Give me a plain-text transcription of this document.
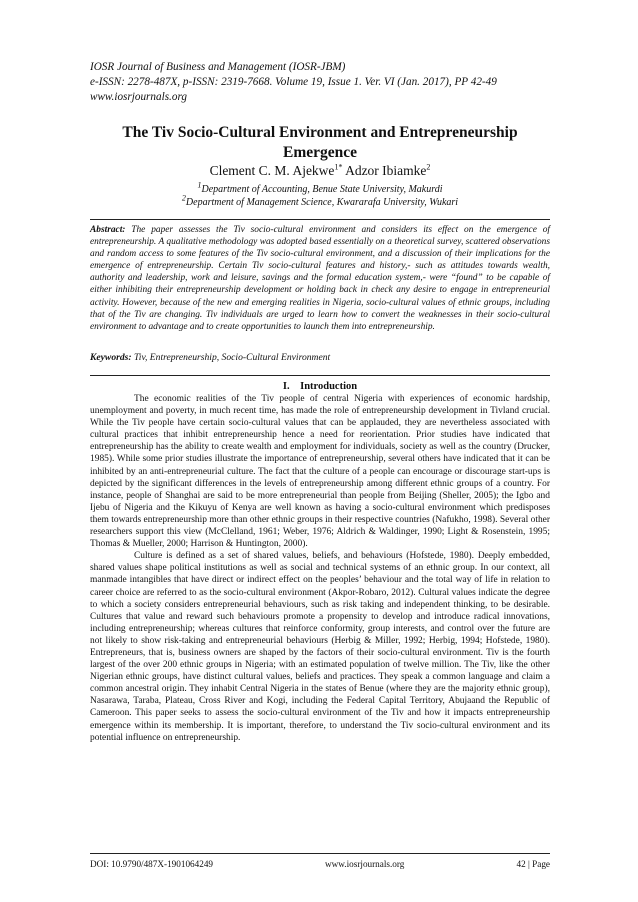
IOSR Journal of Business and Management (IOSR-JBM)
e-ISSN: 2278-487X, p-ISSN: 2319-7668. Volume 19, Issue 1. Ver. VI (Jan. 2017), PP 42-49
www.iosrjournals.org
The Tiv Socio-Cultural Environment and Entrepreneurship Emergence
Clement C. M. Ajekwe$^{1*}$ Adzor Ibiamke$^2$
$^1$Department of Accounting, Benue State University, Makurdi
$^2$Department of Management Science, Kwararafa University, Wukari
Abstract: The paper assesses the Tiv socio-cultural environment and considers its effect on the emergence of entrepreneurship. A qualitative methodology was adopted based essentially on a theoretical survey, scattered observations and random access to some features of the Tiv socio-cultural environment, and a discussion of their implications for the emergence of entrepreneurship. Certain Tiv socio-cultural features and history,- such as attitudes towards wealth, authority and leadership, work and leisure, savings and the formal education system,- were “found” to be capable of either inhibiting their entrepreneurship development or holding back in check any desire to engage in entrepreneurial activity. However, because of the new and emerging realities in Nigeria, socio-cultural values of ethnic groups, including that of the Tiv are changing. Tiv individuals are urged to learn how to convert the weaknesses in their socio-cultural environment to advantage and to create opportunities to launch them into entrepreneurship.
Keywords: Tiv, Entrepreneurship, Socio-Cultural Environment
I.    Introduction

The economic realities of the Tiv people of central Nigeria with experiences of economic hardship, unemployment and poverty, in much recent time, has made the role of entrepreneurship development in Tivland crucial. While the Tiv people have certain socio-cultural values that can be applauded, they are nevertheless associated with cultural practices that inhibit entrepreneurship hence a need for reorientation. Prior studies have indicated that entrepreneurship has the ability to create wealth and employment for individuals, society as well as the country (Drucker, 1985). While some prior studies illustrate the importance of entrepreneurship, several others have indicated that it can be inhibited by an anti-entrepreneurial culture. The fact that the culture of a people can encourage or discourage start-ups is depicted by the significant differences in the levels of entrepreneurship among different ethnic groups of a country. For instance, people of Shanghai are said to be more entrepreneurial than people from Beijing (Sheller, 2005); the Igbo and Ijebu of Nigeria and the Kikuyu of Kenya are well known as having a socio-cultural environment which predisposes them towards entrepreneurship more than other ethnic groups in their respective countries (Nafukho, 1998). Several other researchers support this view (McClelland, 1961; Weber, 1976; Aldrich & Waldinger, 1990; Light & Rosenstein, 1995; Thomas & Mueller, 2000; Harrison & Huntington, 2000).

Culture is defined as a set of shared values, beliefs, and behaviours (Hofstede, 1980). Deeply embedded, shared values shape political institutions as well as social and technical systems of an ethnic group. In our context, all manmade intangibles that have direct or indirect effect on the peoples’ behaviour and the total way of life in relation to career choice are referred to as the socio-cultural environment (Akpor-Robaro, 2012). Cultural values indicate the degree to which a society considers entrepreneurial behaviours, such as risk taking and independent thinking, to be desirable. Cultures that value and reward such behaviours promote a propensity to develop and introduce radical innovations, including entrepreneurship; whereas cultures that reinforce conformity, group interests, and control over the future are not likely to show risk-taking and entrepreneurial behaviours (Herbig & Miller, 1992; Herbig, 1994; Hofstede, 1980). Entrepreneurs, that is, business owners are shaped by the factors of their socio-cultural environment. Tiv is the fourth largest of the over 200 ethnic groups in Nigeria; with an estimated population of twelve million. The Tiv, like the other Nigerian ethnic groups, have distinct cultural values, beliefs and practices. They speak a common language and claim a common ancestral origin. They inhabit Central Nigeria in the states of Benue (where they are the majority ethnic group), Nasarawa, Taraba, Plateau, Cross River and Kogi, including the Federal Capital Territory, Abujaand the Republic of Cameroon. This paper seeks to assess the socio-cultural environment of the Tiv and how it impacts entrepreneurship emergence within its membership. It is important, therefore, to understand the Tiv socio-cultural environment and its potential influence on entrepreneurship.

DOI: 10.9790/487X-1901064249	www.iosrjournals.org	42 | Page
